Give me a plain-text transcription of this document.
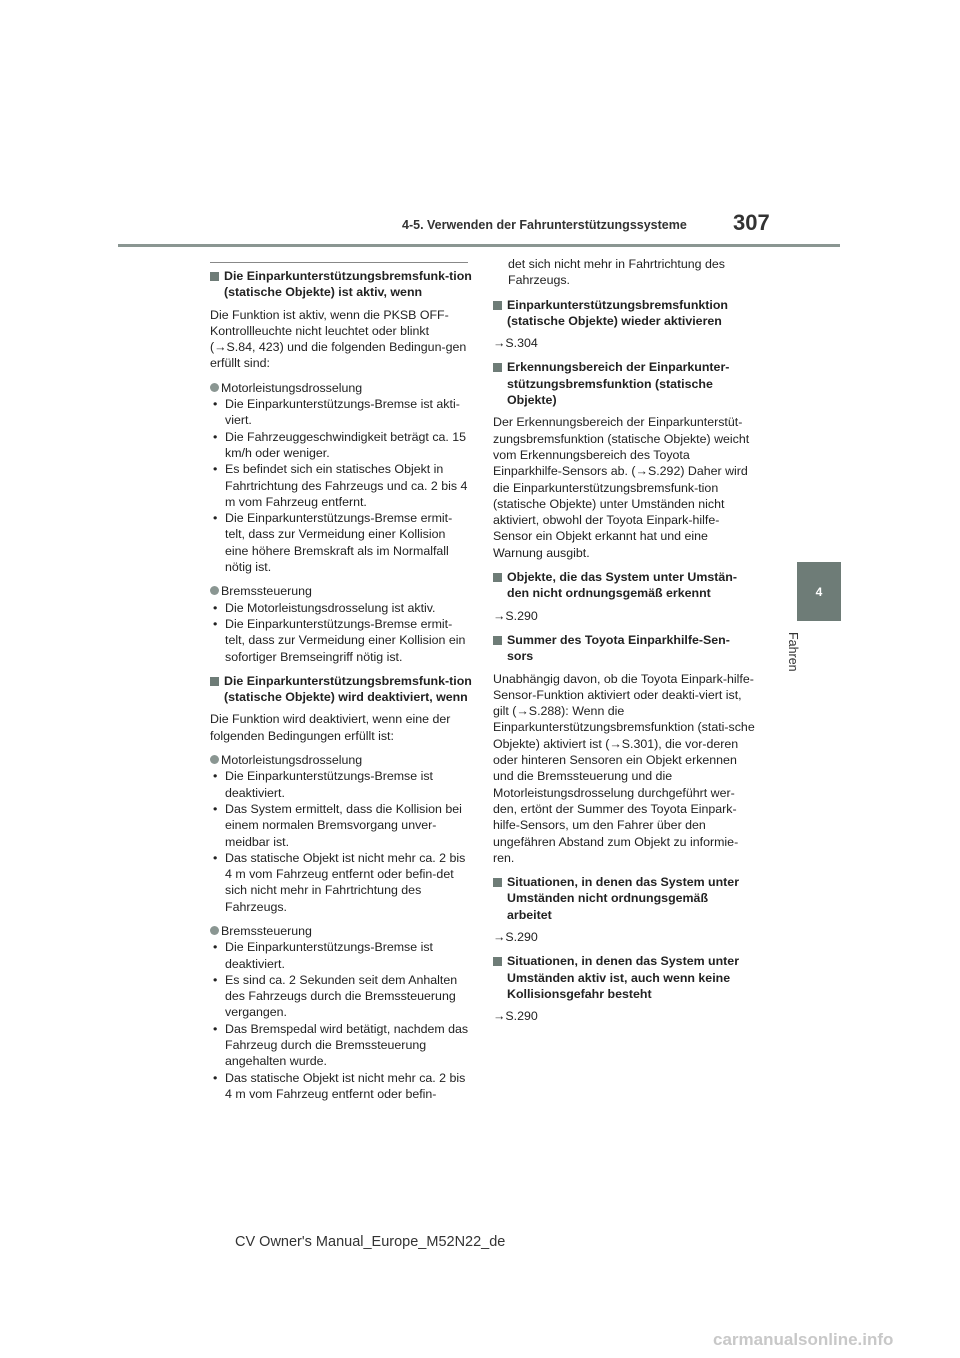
4-5. Verwenden der Fahrunterstützungssysteme 307
4
Fahren
Die Einparkunterstützungsbremsfunk-tion (statische Objekte) ist aktiv, wenn

Die Funktion ist aktiv, wenn die PKSB OFF-Kontrollleuchte nicht leuchtet oder blinkt (→S.84, 423) und die folgenden Bedingun-gen erfüllt sind:

Motorleistungsdrosselung
• Die Einparkunterstützungs-Bremse ist akti-viert.
• Die Fahrzeuggeschwindigkeit beträgt ca. 15 km/h oder weniger.
• Es befindet sich ein statisches Objekt in Fahrtrichtung des Fahrzeugs und ca. 2 bis 4 m vom Fahrzeug entfernt.
• Die Einparkunterstützungs-Bremse ermit-telt, dass zur Vermeidung einer Kollision eine höhere Bremskraft als im Normalfall nötig ist.
Bremssteuerung
• Die Motorleistungsdrosselung ist aktiv.
• Die Einparkunterstützungs-Bremse ermit-telt, dass zur Vermeidung einer Kollision ein sofortiger Bremseingriff nötig ist.
Die Einparkunterstützungsbremsfunk-tion (statische Objekte) wird deaktiviert, wenn

Die Funktion wird deaktiviert, wenn eine der folgenden Bedingungen erfüllt ist:

Motorleistungsdrosselung
• Die Einparkunterstützungs-Bremse ist deaktiviert.
• Das System ermittelt, dass die Kollision bei einem normalen Bremsvorgang unver-meidbar ist.
• Das statische Objekt ist nicht mehr ca. 2 bis 4 m vom Fahrzeug entfernt oder befin-det sich nicht mehr in Fahrtrichtung des Fahrzeugs.
Bremssteuerung
• Die Einparkunterstützungs-Bremse ist deaktiviert.
• Es sind ca. 2 Sekunden seit dem Anhalten des Fahrzeugs durch die Bremssteuerung vergangen.
• Das Bremspedal wird betätigt, nachdem das Fahrzeug durch die Bremssteuerung angehalten wurde.
• Das statische Objekt ist nicht mehr ca. 2 bis 4 m vom Fahrzeug entfernt oder befin-

det sich nicht mehr in Fahrtrichtung des Fahrzeugs.

Einparkunterstützungsbremsfunktion (statische Objekte) wieder aktivieren

→S.304

Erkennungsbereich der Einparkunter-stützungsbremsfunktion (statische Objekte)

Der Erkennungsbereich der Einparkunterstüt-zungsbremsfunktion (statische Objekte) weicht vom Erkennungsbereich des Toyota Einparkhilfe-Sensors ab. (→S.292) Daher wird die Einparkunterstützungsbremsfunk-tion (statische Objekte) unter Umständen nicht aktiviert, obwohl der Toyota Einpark-hilfe-Sensor ein Objekt erkannt hat und eine Warnung ausgibt.

Objekte, die das System unter Umstän-den nicht ordnungsgemäß erkennt

→S.290

Summer des Toyota Einparkhilfe-Sen-sors

Unabhängig davon, ob die Toyota Einpark-hilfe-Sensor-Funktion aktiviert oder deakti-viert ist, gilt (→S.288): Wenn die Einparkunterstützungsbremsfunktion (stati-sche Objekte) aktiviert ist (→S.301), die vor-deren oder hinteren Sensoren ein Objekt erkennen und die Bremssteuerung und die Motorleistungsdrosselung durchgeführt wer-den, ertönt der Summer des Toyota Einpark-hilfe-Sensors, um den Fahrer über den ungefähren Abstand zum Objekt zu informie-ren.

Situationen, in denen das System unter Umständen nicht ordnungsgemäß arbeitet

→S.290

Situationen, in denen das System unter Umständen aktiv ist, auch wenn keine Kollisionsgefahr besteht

→S.290

CV Owner's Manual_Europe_M52N22_de
carmanualsonline.info
